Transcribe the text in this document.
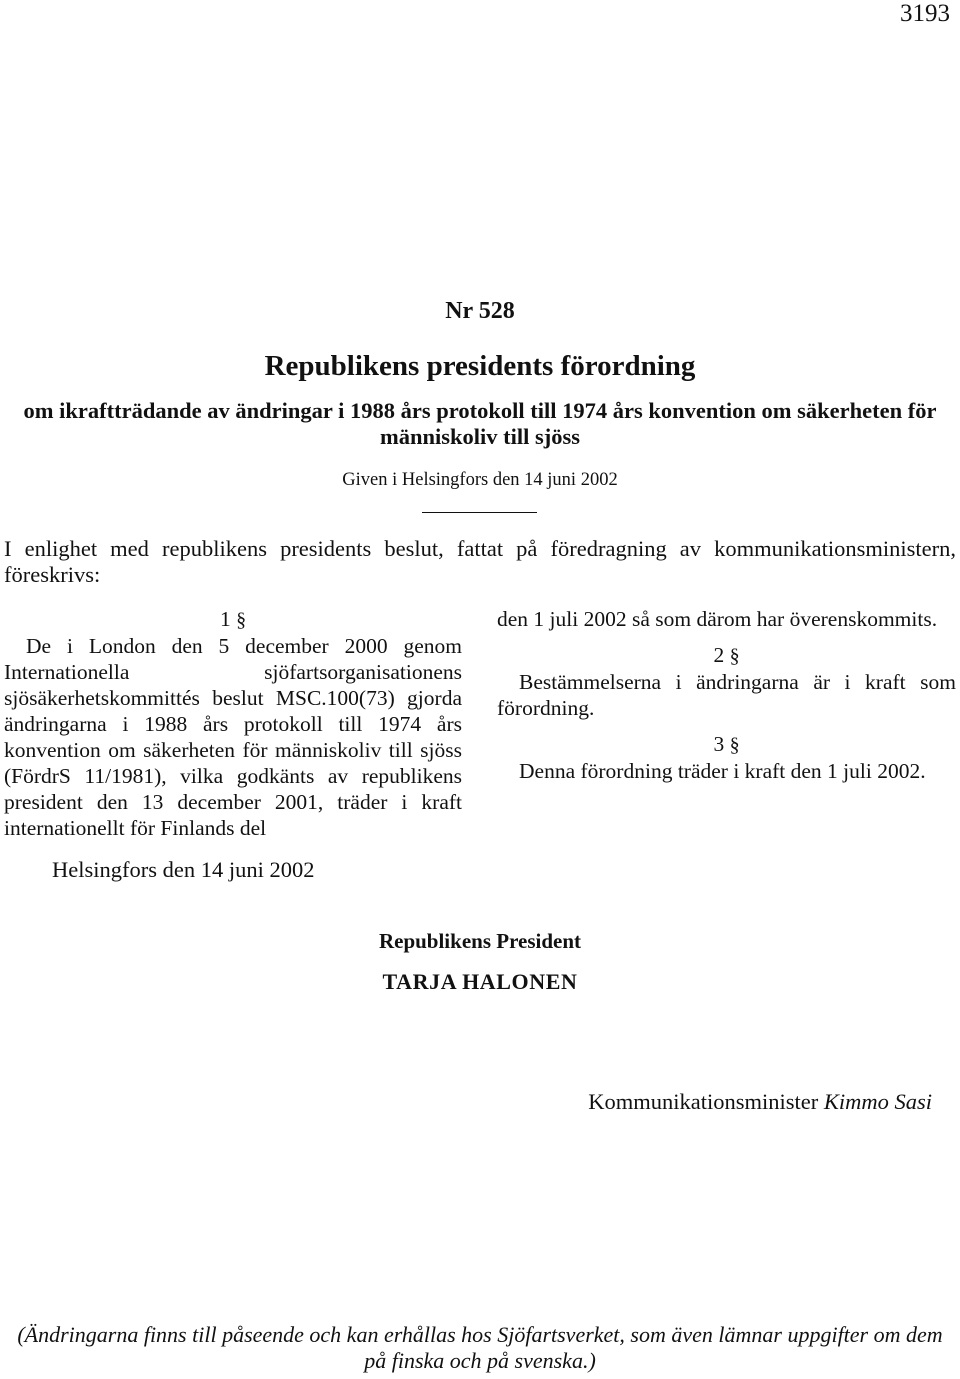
3193
Nr 528
Republikens presidents förordning
om ikraftträdande av ändringar i 1988 års protokoll till 1974 års konvention om säkerheten för människoliv till sjöss
Given i Helsingfors den 14 juni 2002
I enlighet med republikens presidents beslut, fattat på föredragning av kommunikationsministern, föreskrivs:
1 §

De i London den 5 december 2000 genom Internationella sjöfartsorganisationens sjösäkerhetskommittés beslut MSC.100(73) gjorda ändringarna i 1988 års protokoll till 1974 års konvention om säkerheten för människoliv till sjöss (FördrS 11/1981), vilka godkänts av republikens president den 13 december 2001, träder i kraft internationellt för Finlands del

den 1 juli 2002 så som därom har överenskommits.

2 §

Bestämmelserna i ändringarna är i kraft som förordning.

3 §

Denna förordning träder i kraft den 1 juli 2002.

Helsingfors den 14 juni 2002
Republikens President
TARJA HALONEN
Kommunikationsminister Kimmo Sasi
(Ändringarna finns till påseende och kan erhållas hos Sjöfartsverket, som även lämnar uppgifter om dem på finska och på svenska.)
